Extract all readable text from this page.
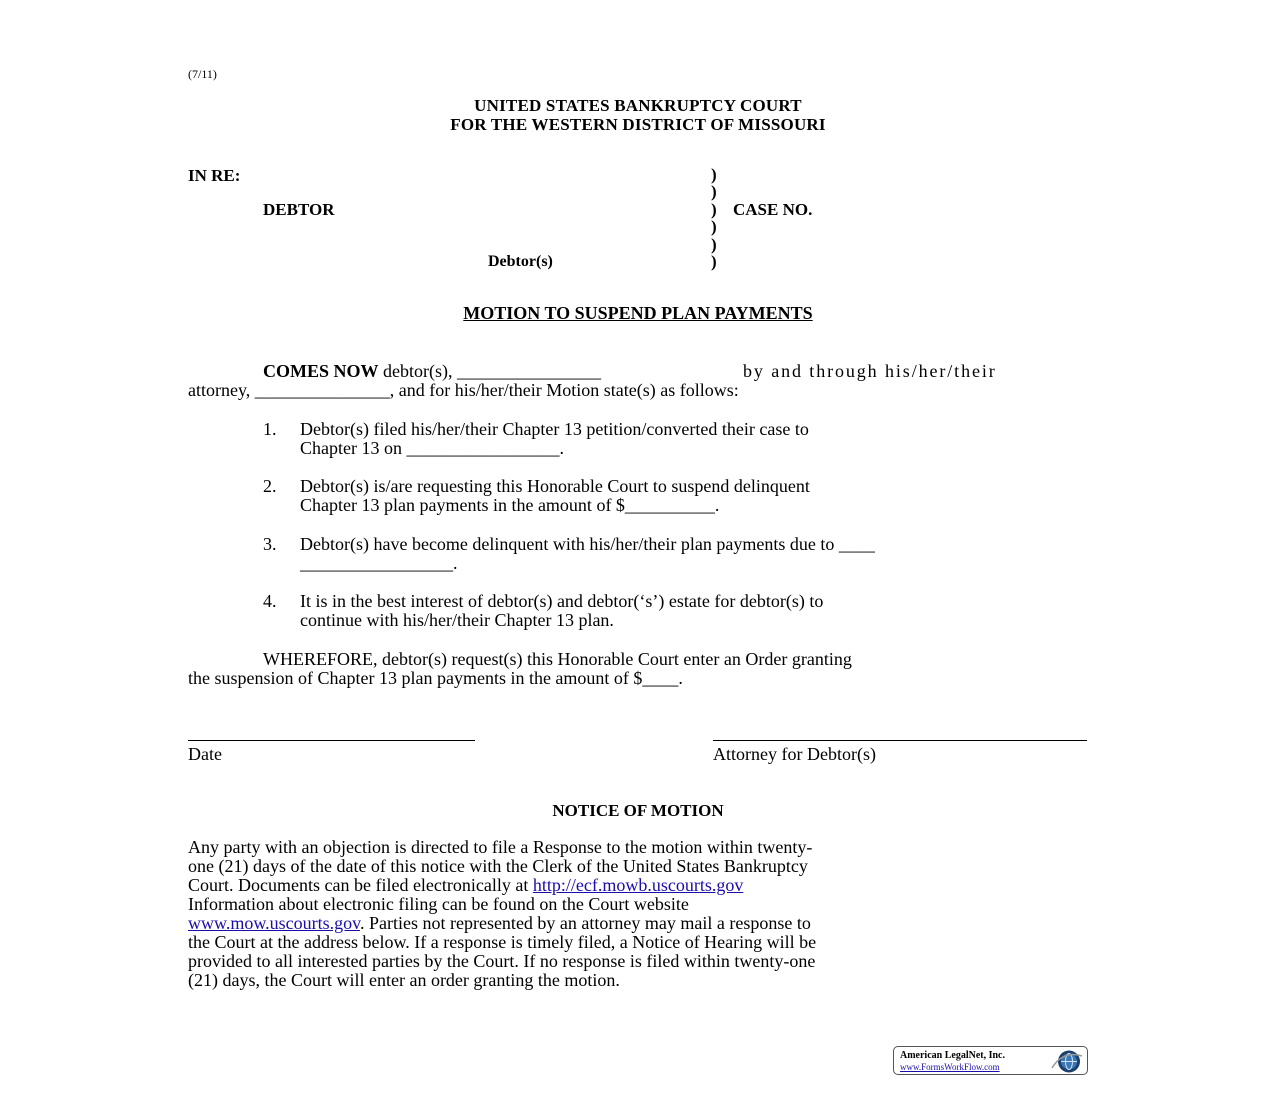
(7/11)
UNITED STATES BANKRUPTCY COURT
FOR THE WESTERN DISTRICT OF MISSOURI
IN RE:
DEBTOR
Debtor(s)
)
)
)
)
)
)
CASE NO.
MOTION TO SUSPEND PLAN PAYMENTS
COMES NOW debtor(s), ________________	by and through his/her/their
attorney, _______________, and for his/her/their Motion state(s) as follows:
1. Debtor(s) filed his/her/their Chapter 13 petition/converted their case to
Chapter 13 on _________________.
2. Debtor(s) is/are requesting this Honorable Court to suspend delinquent
Chapter 13 plan payments in the amount of $__________.
3. Debtor(s) have become delinquent with his/her/their plan payments due to ____
_________________.
4. It is in the best interest of debtor(s) and debtor(‘s’) estate for debtor(s) to
continue with his/her/their Chapter 13 plan.
WHEREFORE, debtor(s) request(s) this Honorable Court enter an Order granting
the suspension of Chapter 13 plan payments in the amount of $____.
Date	Attorney for Debtor(s)
NOTICE OF MOTION
Any party with an objection is directed to file a Response to the motion within twenty-
one (21) days of the date of this notice with the Clerk of the United States Bankruptcy
Court. Documents can be filed electronically at http://ecf.mowb.uscourts.gov
Information about electronic filing can be found on the Court website
www.mow.uscourts.gov. Parties not represented by an attorney may mail a response to
the Court at the address below. If a response is timely filed, a Notice of Hearing will be
provided to all interested parties by the Court. If no response is filed within twenty-one
(21) days, the Court will enter an order granting the motion.
American LegalNet, Inc.
www.FormsWorkFlow.com
